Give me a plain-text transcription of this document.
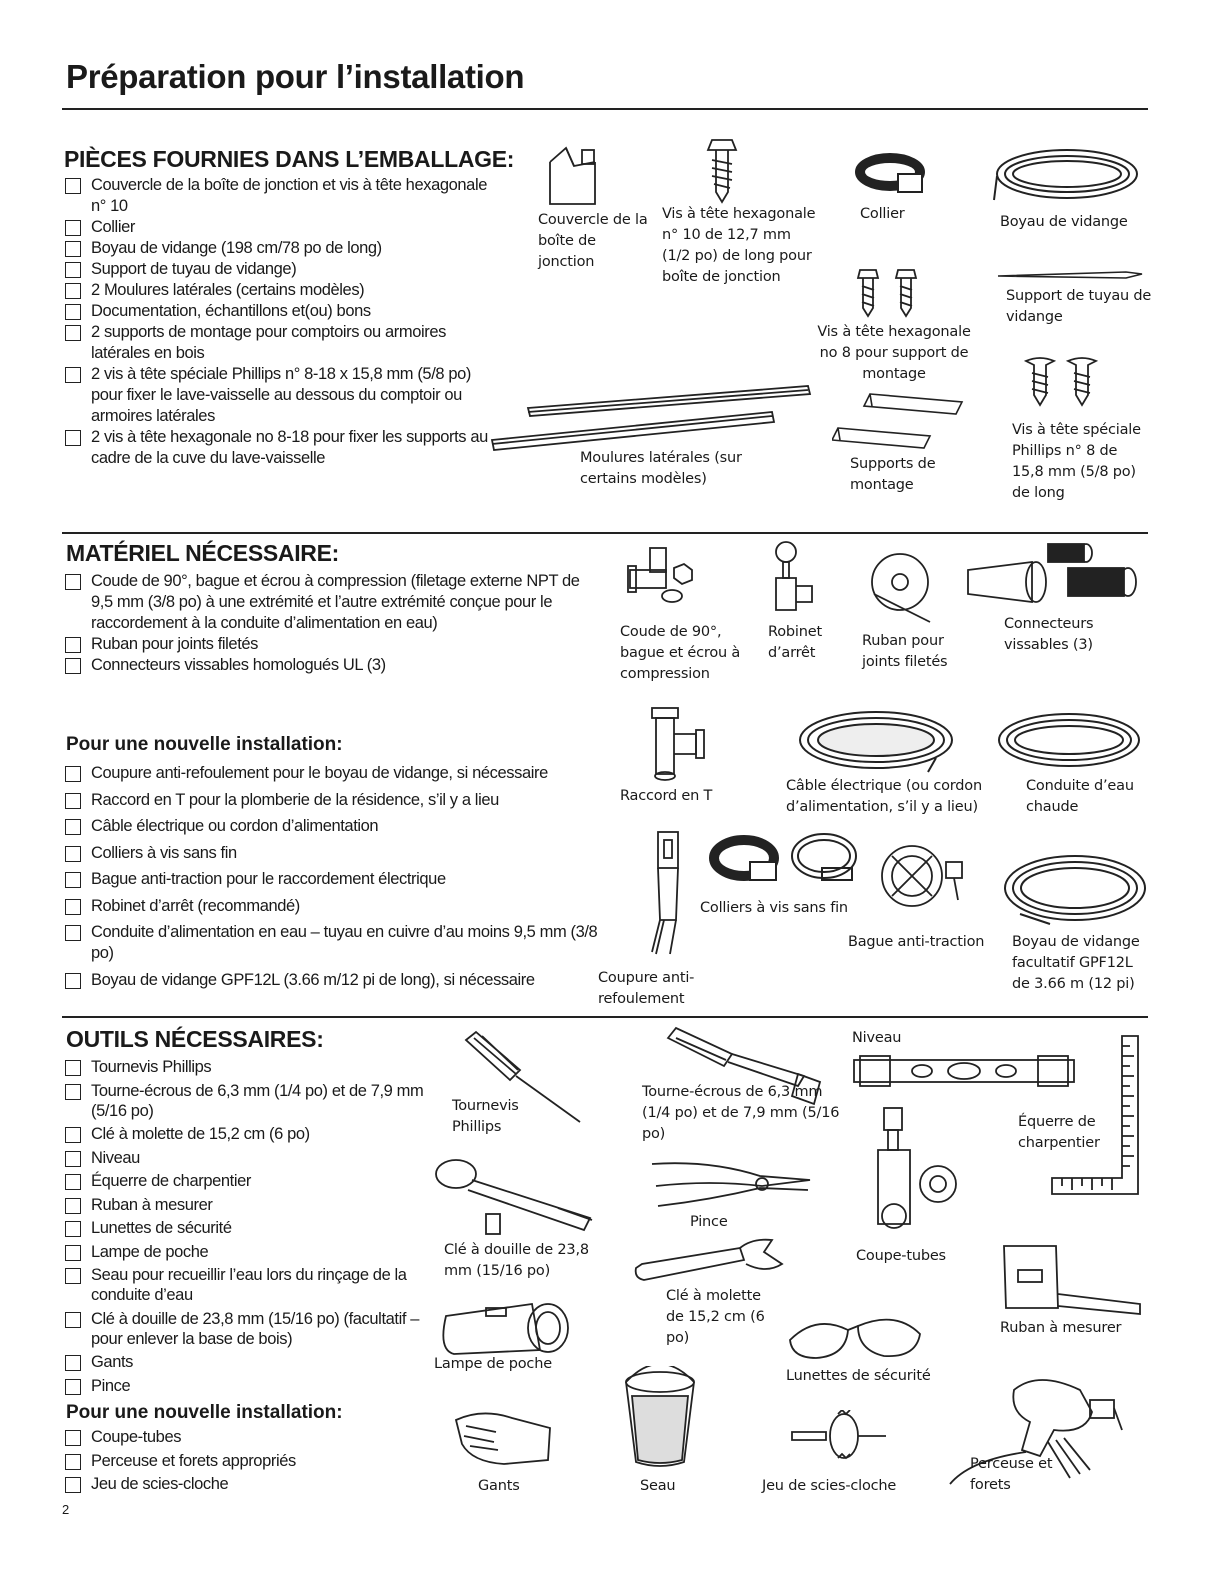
Préparation pour l’installation
PIÈCES FOURNIES DANS L’EMBALLAGE:
Couvercle de la boîte de jonction et vis à tête hexagonale n° 10
Collier
Boyau de vidange (198 cm/78 po de long)
Support de tuyau de vidange)
2 Moulures latérales (certains modèles)
Documentation, échantillons et(ou) bons
2 supports de montage pour comptoirs ou armoires latérales en bois
2 vis à tête spéciale Phillips n° 8-18 x 15,8 mm (5/8 po) pour fixer le lave-vaisselle au dessous du comptoir ou armoires latérales
2 vis à tête hexagonale no 8-18 pour fixer les supports au cadre de la cuve du lave-vaisselle
Couvercle de la boîte de jonction
Vis à tête hexagonale n° 10 de 12,7 mm (1/2 po) de long pour boîte de jonction
Collier	Boyau de vidange
Support de tuyau de vidange
Vis à tête hexagonale no 8 pour support de montage
Vis à tête spéciale Phillips n° 8 de 15,8 mm (5/8 po) de long
Moulures latérales (sur certains modèles)
Supports de montage
MATÉRIEL NÉCESSAIRE:
Coude de 90°, bague et écrou à compression (filetage externe NPT de 9,5 mm (3/8 po) à une extrémité et l’autre extrémité conçue pour le raccordement à la conduite d’alimentation en eau)
Ruban pour joints filetés
Connecteurs vissables homologués UL (3)
Coude de 90°, bague et écrou à compression
Robinet d’arrêt
Ruban pour joints filetés
Connecteurs vissables (3)
Pour une nouvelle installation:
Coupure anti-refoulement pour le boyau de vidange, si nécessaire
Raccord en T pour la plomberie de la résidence, s’il y a lieu
Câble électrique ou cordon d’alimentation
Colliers à vis sans fin
Bague anti-traction pour le raccordement électrique
Robinet d’arrêt (recommandé)
Conduite d’alimentation en eau – tuyau en cuivre d’au moins 9,5 mm (3/8 po)
Boyau de vidange GPF12L (3.66 m/12 pi de long), si nécessaire
Raccord en T
Câble électrique (ou cordon d’alimentation, s’il y a lieu)
Conduite d’eau chaude
Coupure anti-refoulement
Colliers à vis sans fin
Bague anti-traction Boyau de vidange facultatif GPF12L de 3.66 m (12 pi)
OUTILS NÉCESSAIRES:
Tournevis Phillips
Tourne-écrous de 6,3 mm (1/4 po) et de 7,9 mm (5/16 po)
Clé à molette de 15,2 cm (6 po)
Niveau
Équerre de charpentier
Ruban à mesurer
Lunettes de sécurité
Lampe de poche
Seau pour recueillir l’eau lors du rinçage de la conduite d’eau
Clé à douille de 23,8 mm (15/16 po) (facultatif – pour enlever la base de bois)
Gants
Pince
Pour une nouvelle installation:
Coupe-tubes
Perceuse et forets appropriés
Jeu de scies-cloche
Tournevis Phillips
Tourne-écrous de 6,3 mm (1/4 po) et de 7,9 mm (5/16 po)
Niveau
Équerre de charpentier
Clé à douille de 23,8 mm (15/16 po)
Pince
Coupe-tubes
Clé à molette de 15,2 cm (6 po)
Ruban à mesurer
Lampe de poche
Lunettes de sécurité
Gants	Seau	Jeu de scies-cloche
Perceuse et forets
2
